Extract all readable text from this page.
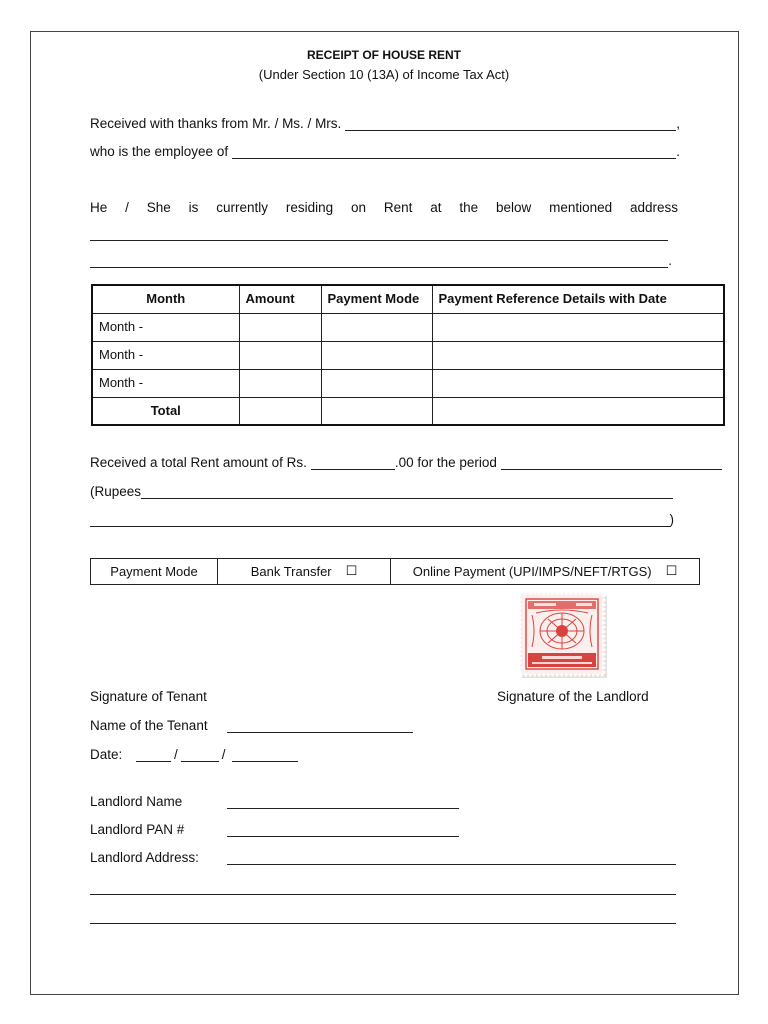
RECEIPT OF HOUSE RENT
(Under Section 10 (13A) of Income Tax Act)
Received with thanks from Mr. / Ms. / Mrs.	,
who is the employee of	.
He / She is currently residing on Rent at the below mentioned address
.
Month	Amount	Payment Mode	Payment Reference Details with Date
Month -			
Month -			
Month -			
Total			
Received a total Rent amount of Rs.	.00 for the period
(Rupees
)
Payment Mode	Bank Transfer ☐	Online Payment (UPI/IMPS/NEFT/RTGS) ☐
Signature of Tenant	Signature of the Landlord
Name of the Tenant
Date:	/	/
Landlord Name
Landlord PAN #
Landlord Address:
